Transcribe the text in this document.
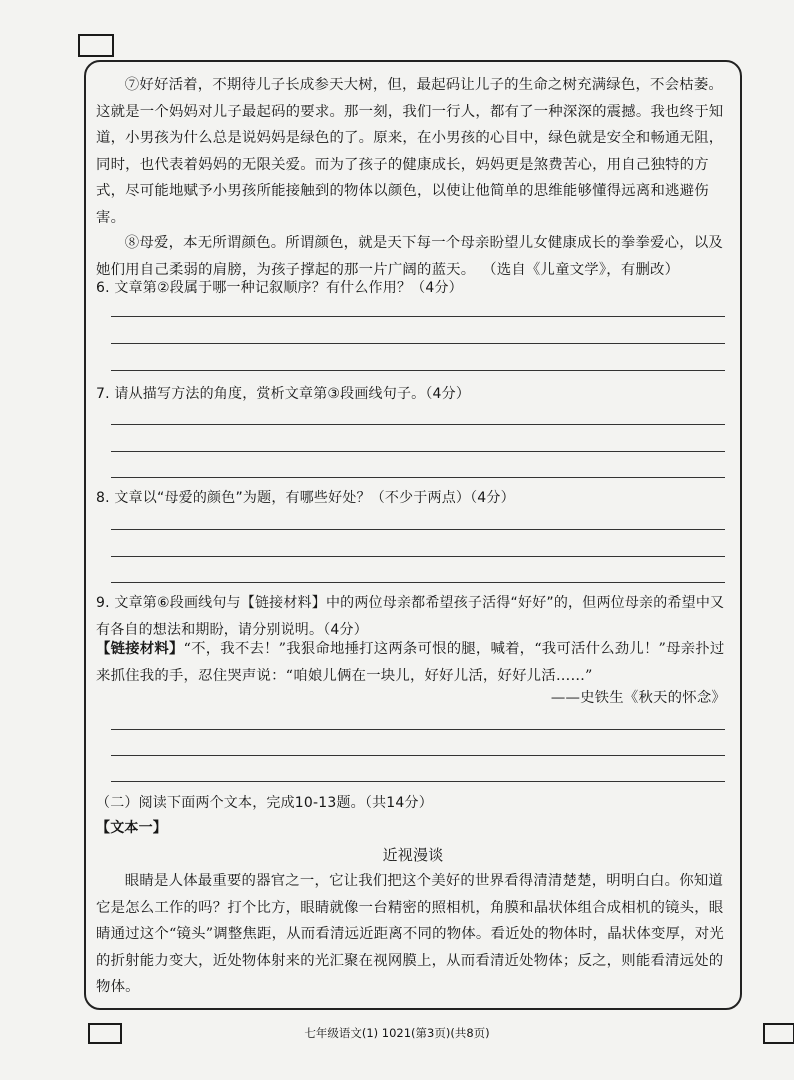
⑦好好活着，不期待儿子长成参天大树，但，最起码让儿子的生命之树充满绿色，不会枯萎。这就是一个妈妈对儿子最起码的要求。那一刻，我们一行人，都有了一种深深的震撼。我也终于知道，小男孩为什么总是说妈妈是绿色的了。原来，在小男孩的心目中，绿色就是安全和畅通无阻，同时，也代表着妈妈的无限关爱。而为了孩子的健康成长，妈妈更是煞费苦心，用自己独特的方式，尽可能地赋予小男孩所能接触到的物体以颜色，以使让他简单的思维能够懂得远离和逃避伤害。

⑧母爱，本无所谓颜色。所谓颜色，就是天下每一个母亲盼望儿女健康成长的拳拳爱心，以及她们用自己柔弱的肩膀，为孩子撑起的那一片广阔的蓝天。 （选自《儿童文学》，有删改）

6. 文章第②段属于哪一种记叙顺序？有什么作用？（4分）

7. 请从描写方法的角度，赏析文章第③段画线句子。（4分）

8. 文章以“母爱的颜色”为题，有哪些好处？（不少于两点）（4分）

9. 文章第⑥段画线句与【链接材料】中的两位母亲都希望孩子活得“好好”的，但两位母亲的希望中又有各自的想法和期盼，请分别说明。（4分）

【链接材料】“不，我不去！”我狠命地捶打这两条可恨的腿，喊着，“我可活什么劲儿！”母亲扑过来抓住我的手，忍住哭声说：“咱娘儿俩在一块儿，好好儿活，好好儿活……”

——史铁生《秋天的怀念》

（二）阅读下面两个文本，完成10-13题。（共14分）

【文本一】

近视漫谈

眼睛是人体最重要的器官之一，它让我们把这个美好的世界看得清清楚楚，明明白白。你知道它是怎么工作的吗？打个比方，眼睛就像一台精密的照相机，角膜和晶状体组合成相机的镜头，眼睛通过这个“镜头”调整焦距，从而看清远近距离不同的物体。看近处的物体时，晶状体变厚，对光的折射能力变大，近处物体射来的光汇聚在视网膜上，从而看清近处物体；反之，则能看清远处的物体。

七年级语文(1) 1021(第3页)(共8页)
